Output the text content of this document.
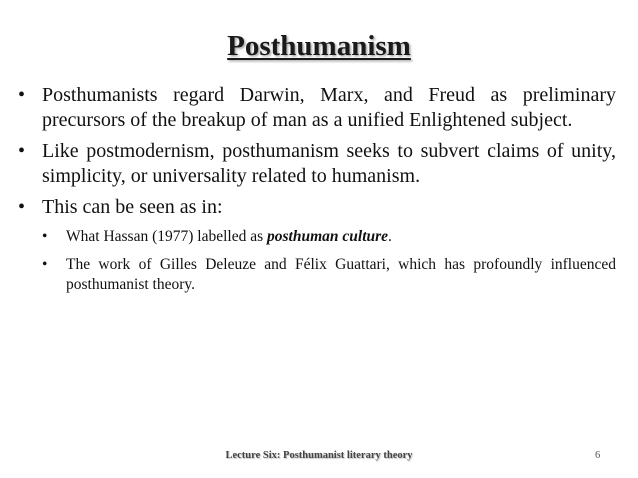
Posthumanism
• Posthumanists regard Darwin, Marx, and Freud as preliminary precursors of the breakup of man as a unified Enlightened subject.
• Like postmodernism, posthumanism seeks to subvert claims of unity, simplicity, or universality related to humanism.
• This can be seen as in:
• What Hassan (1977) labelled as posthuman culture.
• The work of Gilles Deleuze and Félix Guattari, which has profoundly influenced posthumanist theory.
Lecture Six: Posthumanist literary theory	6
